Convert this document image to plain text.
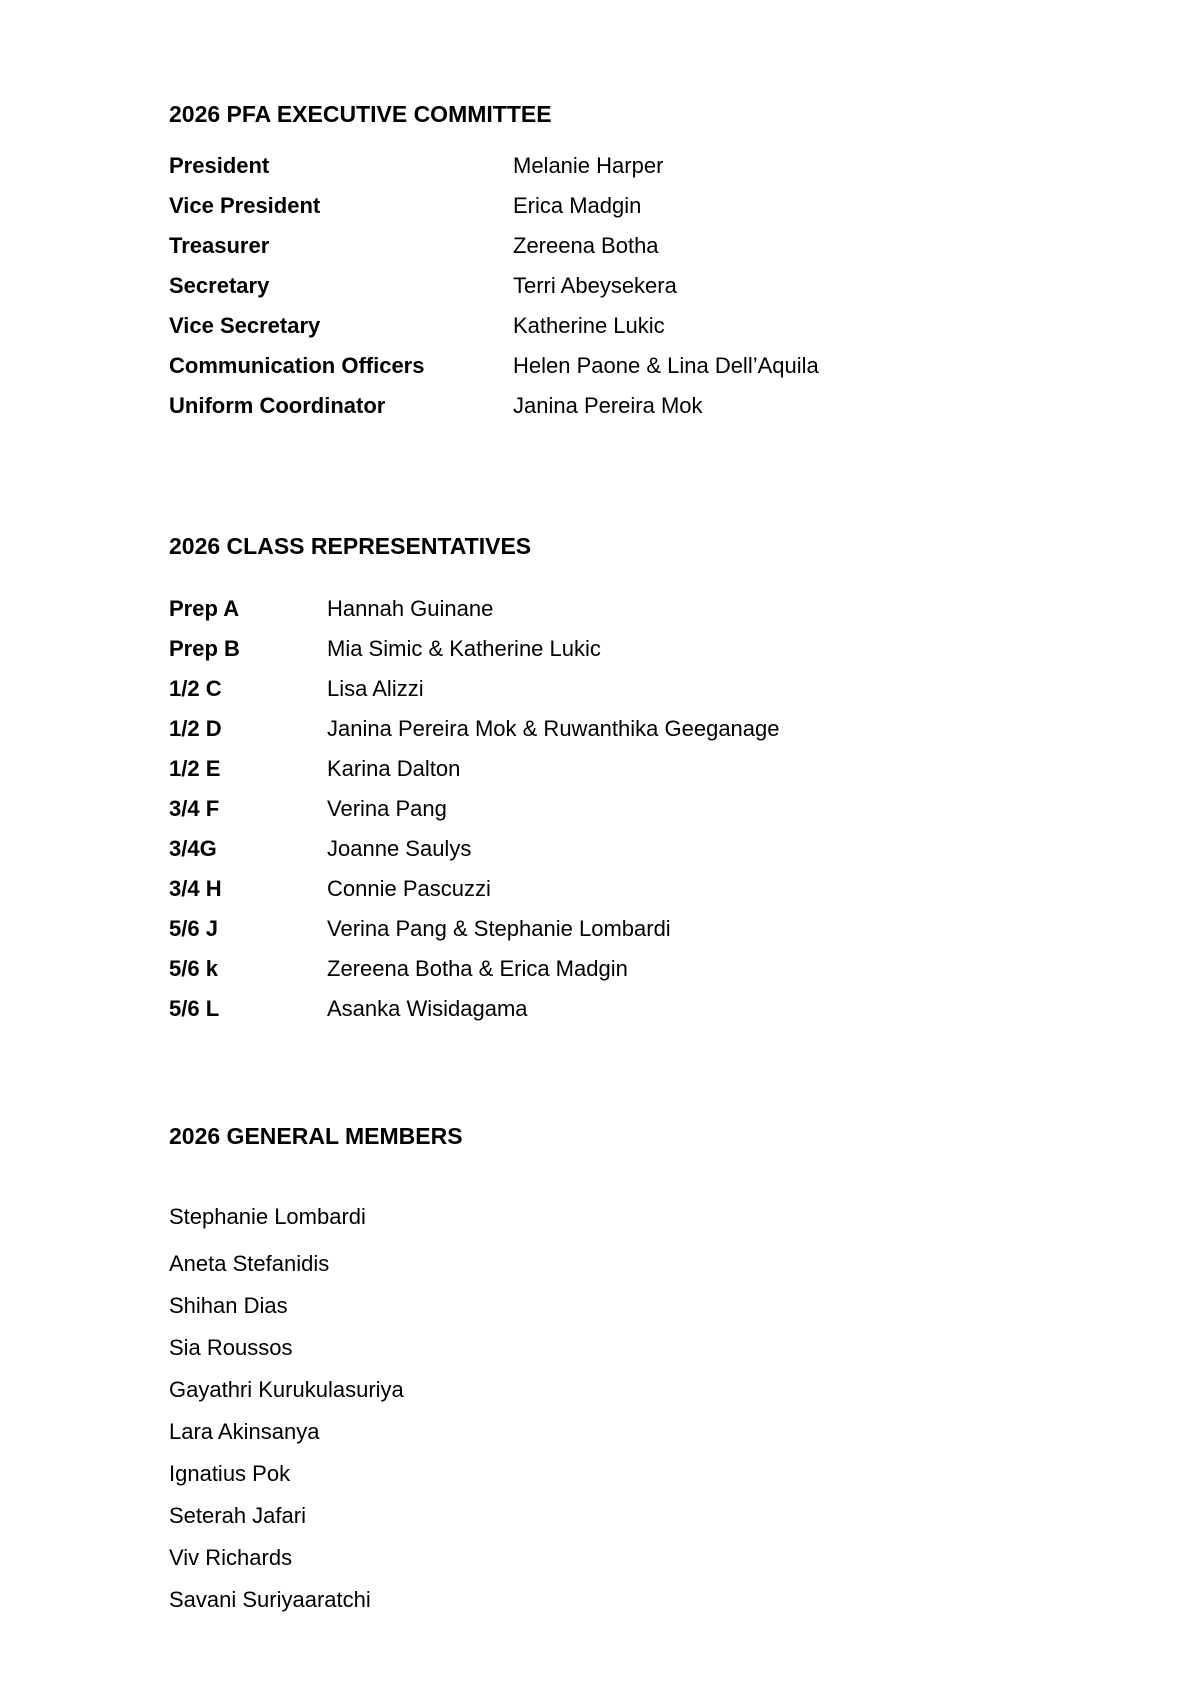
2026 PFA EXECUTIVE COMMITTEE
President	Melanie Harper
Vice President	Erica Madgin
Treasurer	Zereena Botha
Secretary	Terri Abeysekera
Vice Secretary	Katherine Lukic
Communication Officers	Helen Paone & Lina Dell’Aquila
Uniform Coordinator	Janina Pereira Mok
2026 CLASS REPRESENTATIVES
Prep A	Hannah Guinane
Prep B	Mia Simic & Katherine Lukic
1/2 C	Lisa Alizzi
1/2 D	Janina Pereira Mok & Ruwanthika Geeganage
1/2 E	Karina Dalton
3/4 F	Verina Pang
3/4G	Joanne Saulys
3/4 H	Connie Pascuzzi
5/6 J	Verina Pang & Stephanie Lombardi
5/6 k	Zereena Botha & Erica Madgin
5/6 L	Asanka Wisidagama
2026 GENERAL MEMBERS
Stephanie Lombardi
Aneta Stefanidis
Shihan Dias
Sia Roussos
Gayathri Kurukulasuriya
Lara Akinsanya
Ignatius Pok
Seterah Jafari
Viv Richards
Savani Suriyaaratchi
